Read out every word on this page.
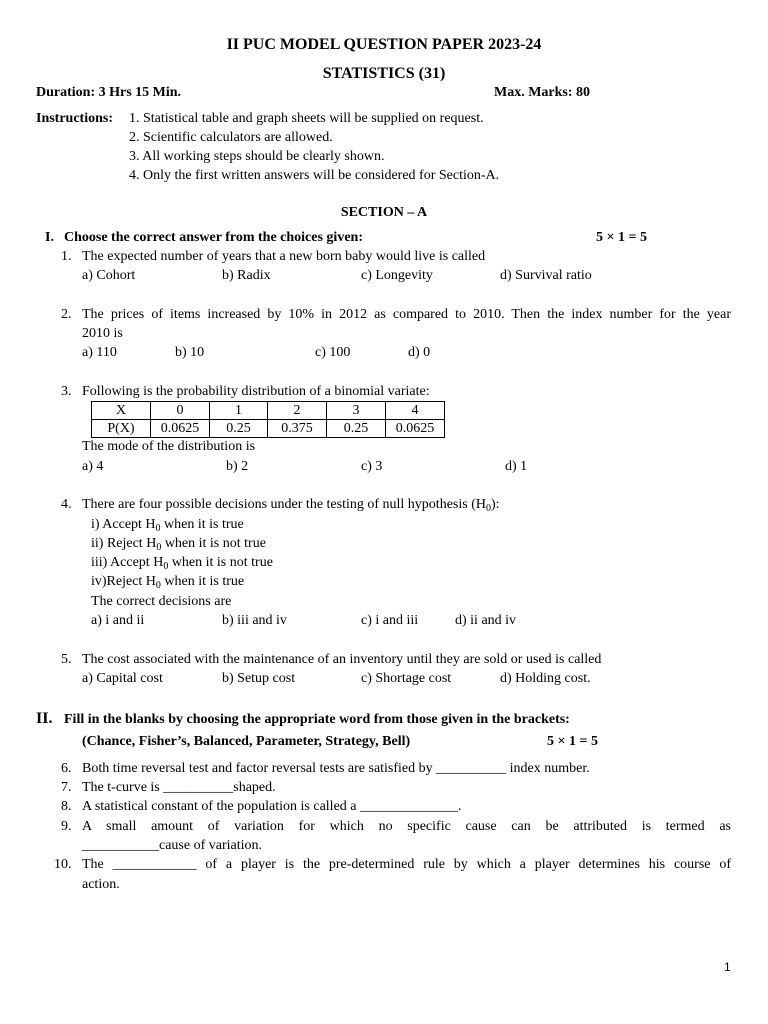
II PUC MODEL QUESTION PAPER 2023-24
STATISTICS (31)
Duration: 3 Hrs 15 Min.	Max. Marks: 80
Instructions: 1. Statistical table and graph sheets will be supplied on request.
2. Scientific calculators are allowed.
3. All working steps should be clearly shown.
4. Only the first written answers will be considered for Section-A.
SECTION – A
I. Choose the correct answer from the choices given:	5 × 1 = 5
1. The expected number of years that a new born baby would live is called
a) Cohort	b) Radix	c) Longevity	d) Survival ratio
2. The prices of items increased by 10% in 2012 as compared to 2010. Then the index number for the year
2010 is
a) 110	b) 10	c) 100	d) 0
3. Following is the probability distribution of a binomial variate:
X	0	1	2	3	4
P(X)	0.0625	0.25	0.375	0.25	0.0625
The mode of the distribution is
a) 4	b) 2	c) 3	d) 1
4. There are four possible decisions under the testing of null hypothesis $(H_0)$:
i) Accept $H_0$ when it is true
ii) Reject $H_0$ when it is not true
iii) Accept $H_0$ when it is not true
iv)Reject $H_0$ when it is true
The correct decisions are
a) i and ii	b) iii and iv	c) i and iii	d) ii and iv
5. The cost associated with the maintenance of an inventory until they are sold or used is called
a) Capital cost	b) Setup cost	c) Shortage cost	d) Holding cost.
II. Fill in the blanks by choosing the appropriate word from those given in the brackets:
(Chance, Fisher’s, Balanced, Parameter, Strategy, Bell)	5 × 1 = 5
6. Both time reversal test and factor reversal tests are satisfied by __________ index number.
7. The t-curve is __________shaped.
8. A statistical constant of the population is called a ______________.
9. A small amount of variation for which no specific cause can be attributed is termed as
___________cause of variation.
10. The ____________ of a player is the pre-determined rule by which a player determines his course of
action.
1
